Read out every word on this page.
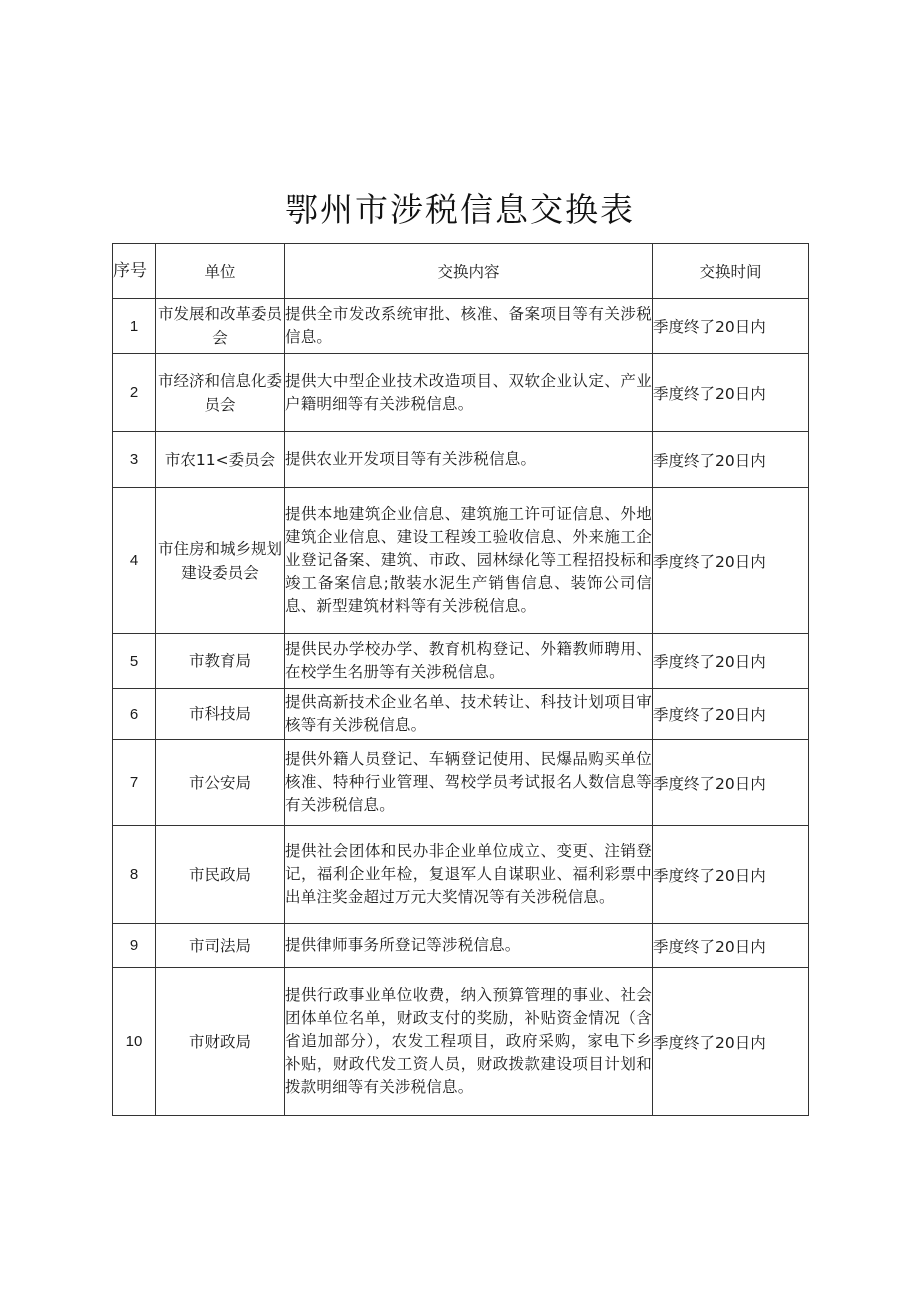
鄂州市涉税信息交换表
序号	单位	交换内容	交换时间
1	市发展和改革委员会	提供全市发改系统审批、核准、备案项目等有关涉税信息。	季度终了20日内
2	市经济和信息化委员会	提供大中型企业技术改造项目、双软企业认定、产业户籍明细等有关涉税信息。	季度终了20日内
3	市农11<委员会	提供农业开发项目等有关涉税信息。	季度终了20日内
4	市住房和城乡规划建设委员会	提供本地建筑企业信息、建筑施工许可证信息、外地建筑企业信息、建设工程竣工验收信息、外来施工企业登记备案、建筑、市政、园林绿化等工程招投标和竣工备案信息;散装水泥生产销售信息、装饰公司信息、新型建筑材料等有关涉税信息。	季度终了20日内
5	市教育局	提供民办学校办学、教育机构登记、外籍教师聘用、在校学生名册等有关涉税信息。	季度终了20日内
6	市科技局	提供高新技术企业名单、技术转让、科技计划项目审核等有关涉税信息。	季度终了20日内
7	市公安局	提供外籍人员登记、车辆登记使用、民爆品购买单位核准、特种行业管理、驾校学员考试报名人数信息等有关涉税信息。	季度终了20日内
8	市民政局	提供社会团体和民办非企业单位成立、变更、注销登记，福利企业年检，复退军人自谋职业、福利彩票中出单注奖金超过万元大奖情况等有关涉税信息。	季度终了20日内
9	市司法局	提供律师事务所登记等涉税信息。	季度终了20日内
10	市财政局	提供行政事业单位收费，纳入预算管理的事业、社会团体单位名单，财政支付的奖励，补贴资金情况（含省追加部分），农发工程项目，政府采购，家电下乡补贴，财政代发工资人员，财政拨款建设项目计划和拨款明细等有关涉税信息。	季度终了20日内
